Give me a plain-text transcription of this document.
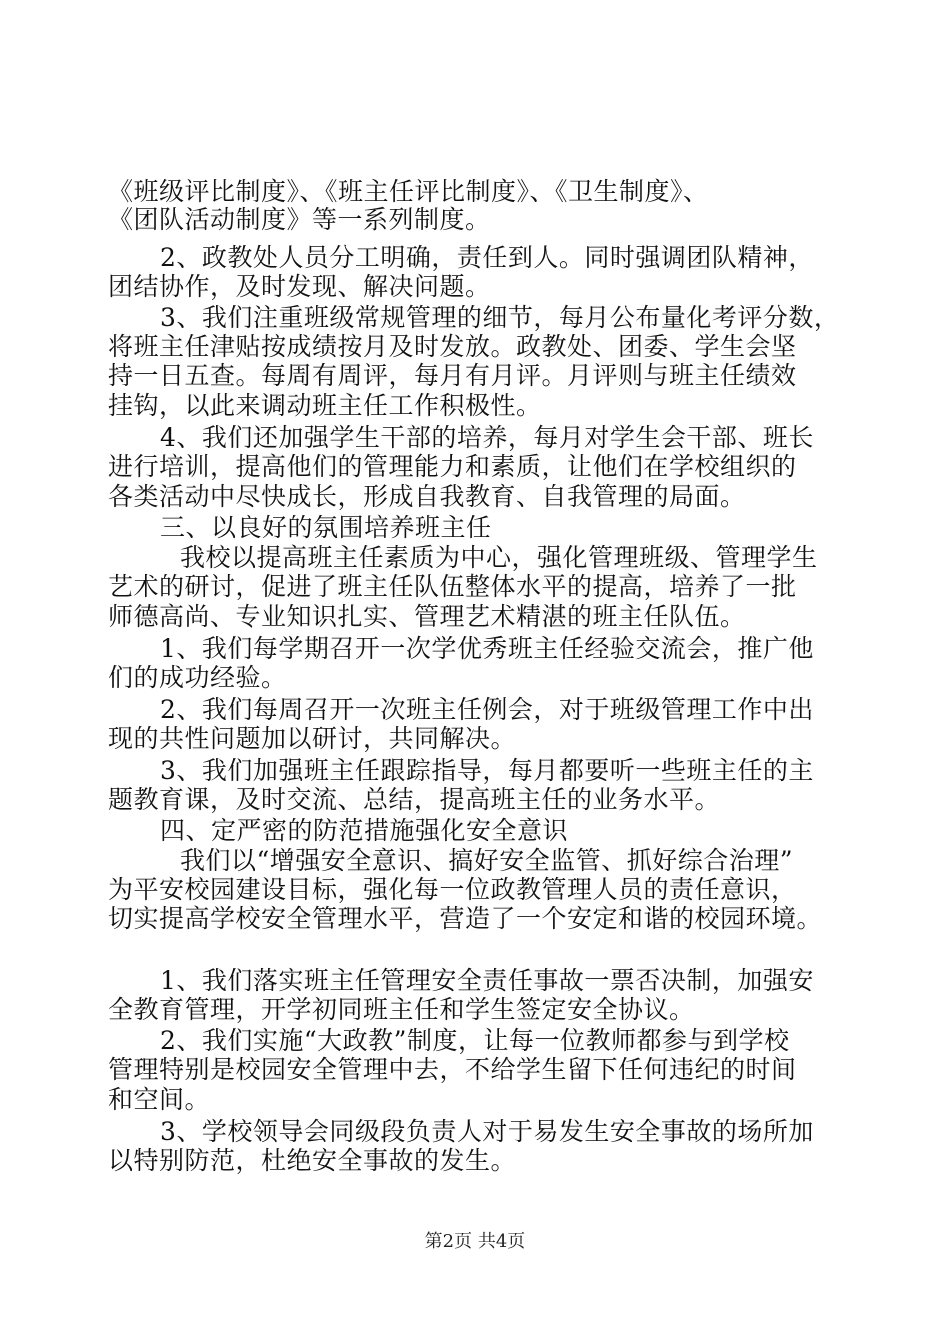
《班级评比制度》、《班主任评比制度》、《卫生制度》、
《团队活动制度》等一系列制度。
2、政教处人员分工明确，责任到人。同时强调团队精神，
团结协作，及时发现、解决问题。
3、我们注重班级常规管理的细节，每月公布量化考评分数，
将班主任津贴按成绩按月及时发放。政教处、团委、学生会坚
持一日五查。每周有周评，每月有月评。月评则与班主任绩效
挂钩，以此来调动班主任工作积极性。
4、我们还加强学生干部的培养，每月对学生会干部、班长
进行培训，提高他们的管理能力和素质，让他们在学校组织的
各类活动中尽快成长，形成自我教育、自我管理的局面。
三、以良好的氛围培养班主任
我校以提高班主任素质为中心，强化管理班级、管理学生
艺术的研讨，促进了班主任队伍整体水平的提高，培养了一批
师德高尚、专业知识扎实、管理艺术精湛的班主任队伍。
1、我们每学期召开一次学优秀班主任经验交流会，推广他
们的成功经验。
2、我们每周召开一次班主任例会，对于班级管理工作中出
现的共性问题加以研讨，共同解决。
3、我们加强班主任跟踪指导，每月都要听一些班主任的主
题教育课，及时交流、总结，提高班主任的业务水平。
四、定严密的防范措施强化安全意识
我们以“增强安全意识、搞好安全监管、抓好综合治理”
为平安校园建设目标，强化每一位政教管理人员的责任意识，
切实提高学校安全管理水平，营造了一个安定和谐的校园环境。
1、我们落实班主任管理安全责任事故一票否决制，加强安
全教育管理，开学初同班主任和学生签定安全协议。
2、我们实施“大政教”制度，让每一位教师都参与到学校
管理特别是校园安全管理中去，不给学生留下任何违纪的时间
和空间。
3、学校领导会同级段负责人对于易发生安全事故的场所加
以特别防范，杜绝安全事故的发生。
第2页 共4页
